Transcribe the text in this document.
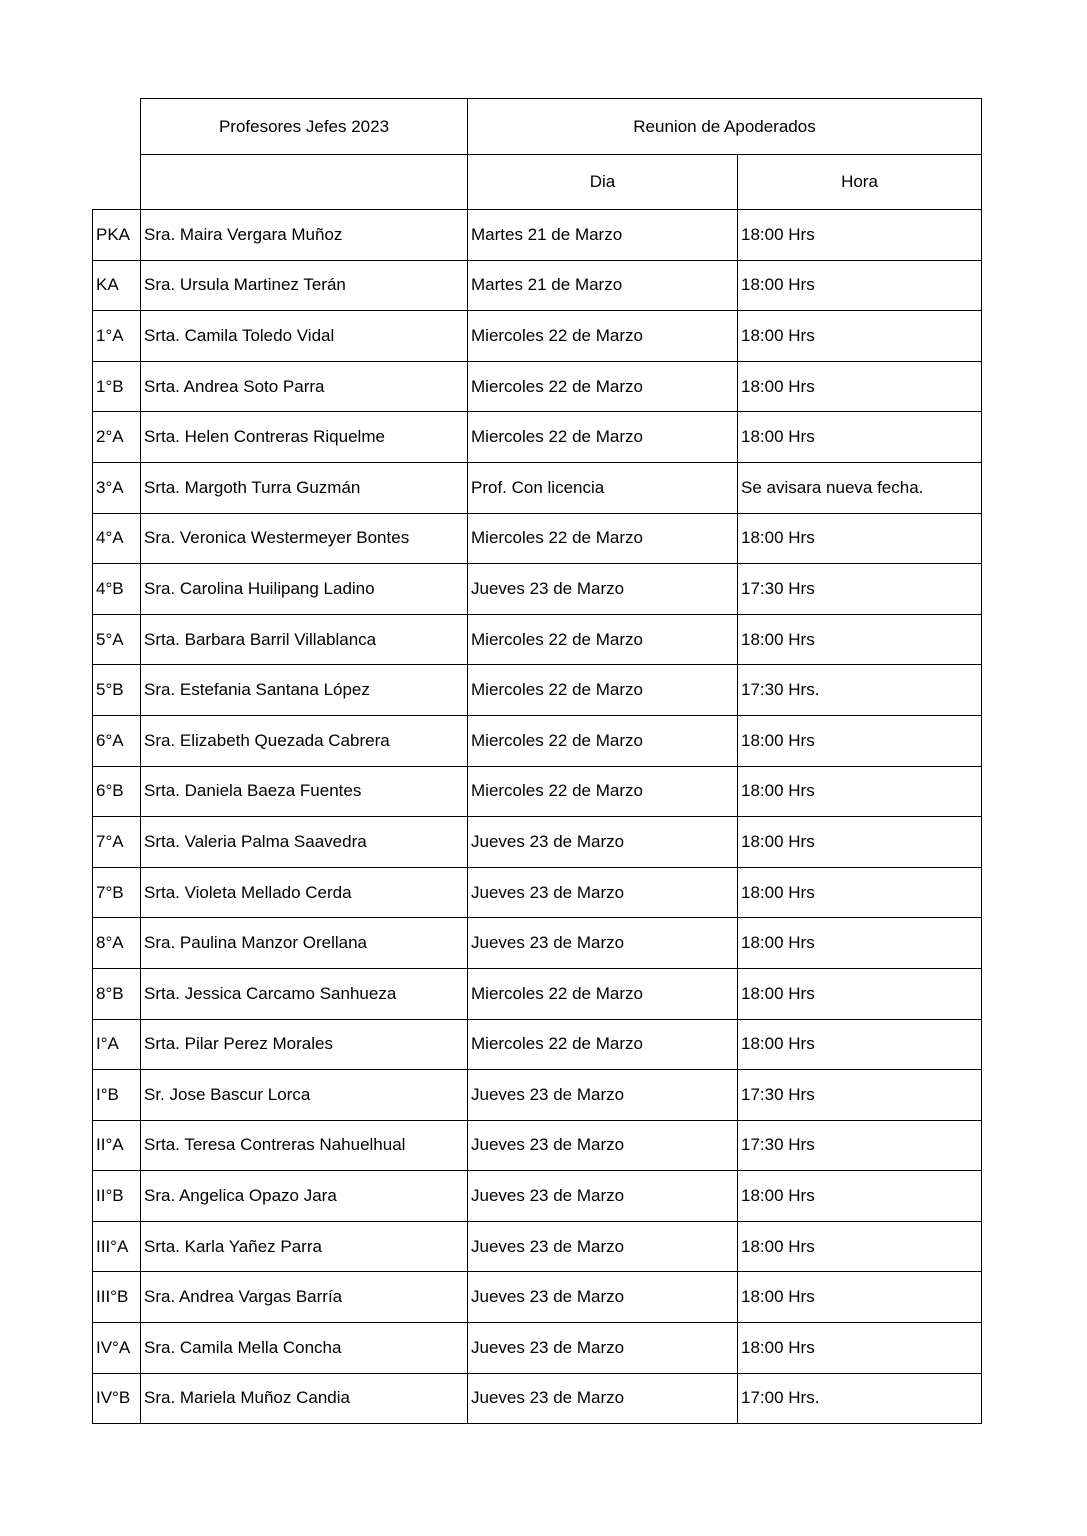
	Profesores Jefes 2023	Reunion de Apoderados	
		Dia	Hora
PKA	Sra. Maira Vergara Muñoz	Martes 21 de Marzo	18:00 Hrs
KA	Sra. Ursula Martinez Terán	Martes 21 de Marzo	18:00 Hrs
1°A	Srta. Camila Toledo Vidal	Miercoles 22 de Marzo	18:00 Hrs
1°B	Srta. Andrea Soto Parra	Miercoles 22 de Marzo	18:00 Hrs
2°A	Srta. Helen Contreras Riquelme	Miercoles 22 de Marzo	18:00 Hrs
3°A	Srta. Margoth Turra Guzmán	Prof. Con licencia	Se avisara nueva fecha.
4°A	Sra. Veronica Westermeyer Bontes	Miercoles 22 de Marzo	18:00 Hrs
4°B	Sra. Carolina Huilipang Ladino	Jueves 23 de Marzo	17:30 Hrs
5°A	Srta. Barbara Barril Villablanca	Miercoles 22 de Marzo	18:00 Hrs
5°B	Sra. Estefania Santana López	Miercoles 22 de Marzo	17:30 Hrs.
6°A	Sra. Elizabeth Quezada Cabrera	Miercoles 22 de Marzo	18:00 Hrs
6°B	Srta. Daniela Baeza Fuentes	Miercoles 22 de Marzo	18:00 Hrs
7°A	Srta. Valeria Palma Saavedra	Jueves 23 de Marzo	18:00 Hrs
7°B	Srta. Violeta Mellado Cerda	Jueves 23 de Marzo	18:00 Hrs
8°A	Sra. Paulina Manzor Orellana	Jueves 23 de Marzo	18:00 Hrs
8°B	Srta. Jessica Carcamo Sanhueza	Miercoles 22 de Marzo	18:00 Hrs
I°A	Srta. Pilar Perez Morales	Miercoles 22 de Marzo	18:00 Hrs
I°B	Sr. Jose Bascur Lorca	Jueves 23 de Marzo	17:30 Hrs
II°A	Srta. Teresa Contreras Nahuelhual	Jueves 23 de Marzo	17:30 Hrs
II°B	Sra. Angelica Opazo Jara	Jueves 23 de Marzo	18:00 Hrs
III°A	Srta. Karla Yañez Parra	Jueves 23 de Marzo	18:00 Hrs
III°B	Sra. Andrea Vargas Barría	Jueves 23 de Marzo	18:00 Hrs
IV°A	Sra. Camila Mella Concha	Jueves 23 de Marzo	18:00 Hrs
IV°B	Sra. Mariela Muñoz Candia	Jueves 23 de Marzo	17:00 Hrs.
